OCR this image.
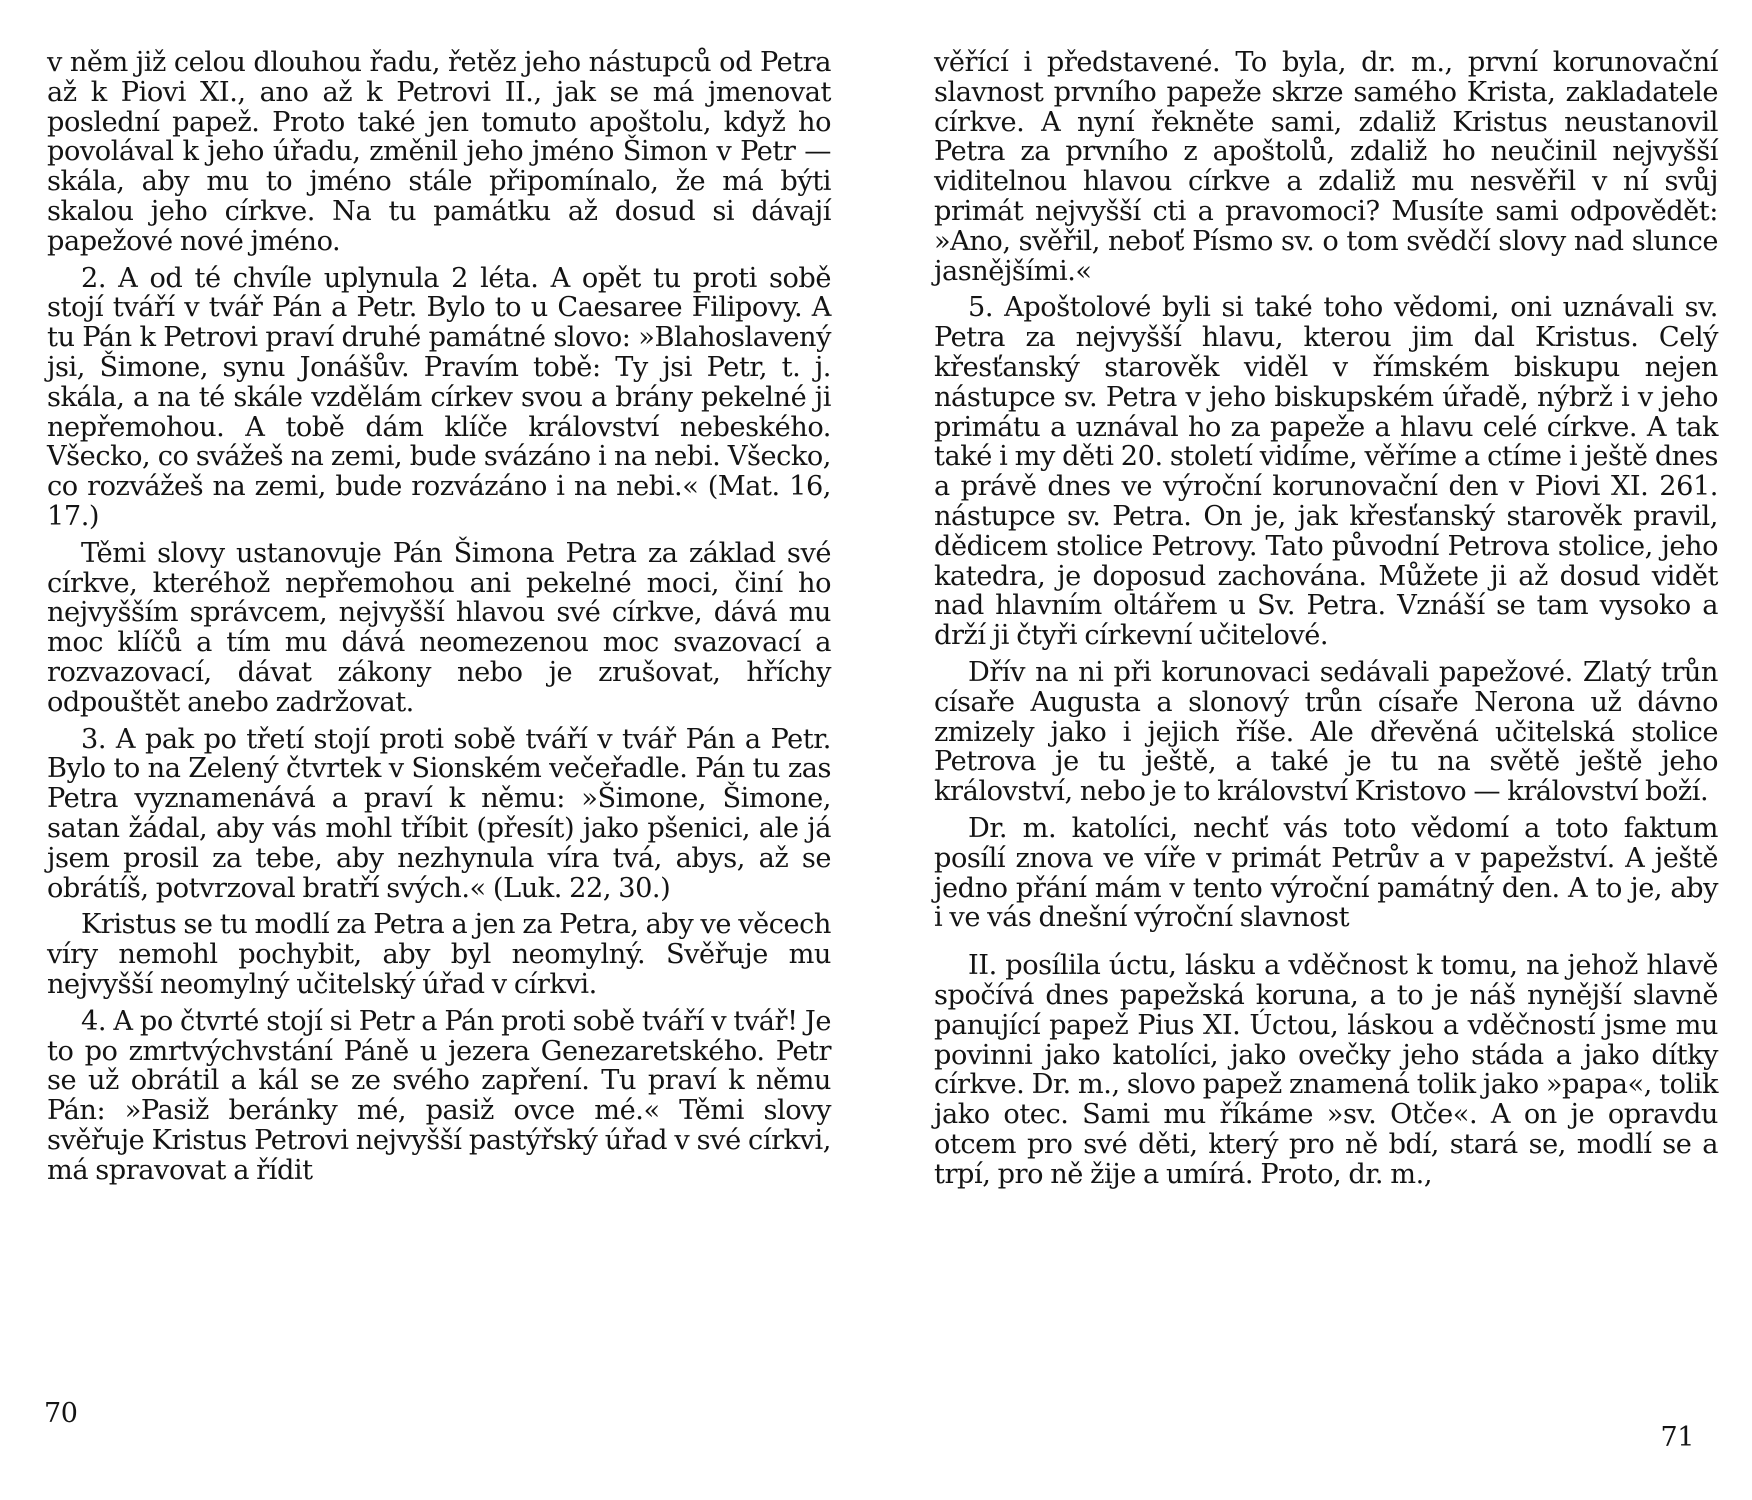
v něm již celou dlouhou řadu, řetěz jeho nástupců od Petra až k Piovi XI., ano až k Petrovi II., jak se má jmenovat poslední papež. Proto také jen tomuto apoštolu, když ho povolával k jeho úřadu, změnil jeho jméno Šimon v Petr — skála, aby mu to jméno stále připomínalo, že má býti skalou jeho církve. Na tu památku až dosud si dávají papežové nové jméno.

2. A od té chvíle uplynula 2 léta. A opět tu proti sobě stojí tváří v tvář Pán a Petr. Bylo to u Caesaree Filipovy. A tu Pán k Petrovi praví druhé památné slovo: »Blahoslavený jsi, Šimone, synu Jonášův. Pravím tobě: Ty jsi Petr, t. j. skála, a na té skále vzdělám církev svou a brány pekelné ji nepřemohou. A tobě dám klíče království nebeského. Všecko, co svážeš na zemi, bude svázáno i na nebi. Všecko, co rozvážeš na zemi, bude rozvázáno i na nebi.« (Mat. 16, 17.)

Těmi slovy ustanovuje Pán Šimona Petra za základ své církve, kteréhož nepřemohou ani pekelné moci, činí ho nejvyšším správcem, nejvyšší hlavou své církve, dává mu moc klíčů a tím mu dává neomezenou moc svazovací a rozvazovací, dávat zákony nebo je zrušovat, hříchy odpouštět anebo zadržovat.

3. A pak po třetí stojí proti sobě tváří v tvář Pán a Petr. Bylo to na Zelený čtvrtek v Sionském večeřadle. Pán tu zas Petra vyznamenává a praví k němu: »Šimone, Šimone, satan žádal, aby vás mohl tříbit (přesít) jako pšenici, ale já jsem prosil za tebe, aby nezhynula víra tvá, abys, až se obrátíš, potvrzoval bratří svých.« (Luk. 22, 30.)

Kristus se tu modlí za Petra a jen za Petra, aby ve věcech víry nemohl pochybit, aby byl neomylný. Svěřuje mu nejvyšší neomylný učitelský úřad v církvi.

4. A po čtvrté stojí si Petr a Pán proti sobě tváří v tvář! Je to po zmrtvýchvstání Páně u jezera Genezaretského. Petr se už obrátil a kál se ze svého zapření. Tu praví k němu Pán: »Pasiž beránky mé, pasiž ovce mé.« Těmi slovy svěřuje Kristus Petrovi nejvyšší pastýřský úřad v své církvi, má spravovat a řídit

70

věřící i představené. To byla, dr. m., první korunovační slavnost prvního papeže skrze samého Krista, zakladatele církve. A nyní řekněte sami, zdaliž Kristus neustanovil Petra za prvního z apoštolů, zdaliž ho neučinil nejvyšší viditelnou hlavou církve a zdaliž mu nesvěřil v ní svůj primát nejvyšší cti a pravomoci? Musíte sami odpovědět: »Ano, svěřil, neboť Písmo sv. o tom svědčí slovy nad slunce jasnějšími.«

5. Apoštolové byli si také toho vědomi, oni uznávali sv. Petra za nejvyšší hlavu, kterou jim dal Kristus. Celý křesťanský starověk viděl v římském biskupu nejen nástupce sv. Petra v jeho biskupském úřadě, nýbrž i v jeho primátu a uznával ho za papeže a hlavu celé církve. A tak také i my děti 20. století vidíme, věříme a ctíme i ještě dnes a právě dnes ve výroční korunovační den v Piovi XI. 261. nástupce sv. Petra. On je, jak křesťanský starověk pravil, dědicem stolice Petrovy. Tato původní Petrova stolice, jeho katedra, je doposud zachována. Můžete ji až dosud vidět nad hlavním oltářem u Sv. Petra. Vznáší se tam vysoko a drží ji čtyři církevní učitelové.

Dřív na ni při korunovaci sedávali papežové. Zlatý trůn císaře Augusta a slonový trůn císaře Nerona už dávno zmizely jako i jejich říše. Ale dřevěná učitelská stolice Petrova je tu ještě, a také je tu na světě ještě jeho království, nebo je to království Kristovo — království boží.

Dr. m. katolíci, nechť vás toto vědomí a toto faktum posílí znova ve víře v primát Petrův a v papežství. A ještě jedno přání mám v tento výroční památný den. A to je, aby i ve vás dnešní výroční slavnost

II. posílila úctu, lásku a vděčnost k tomu, na jehož hlavě spočívá dnes papežská koruna, a to je náš nynější slavně panující papež Pius XI. Úctou, láskou a vděčností jsme mu povinni jako katolíci, jako ovečky jeho stáda a jako dítky církve. Dr. m., slovo papež znamená tolik jako »papa«, tolik jako otec. Sami mu říkáme »sv. Otče«. A on je opravdu otcem pro své děti, který pro ně bdí, stará se, modlí se a trpí, pro ně žije a umírá. Proto, dr. m.,

71
